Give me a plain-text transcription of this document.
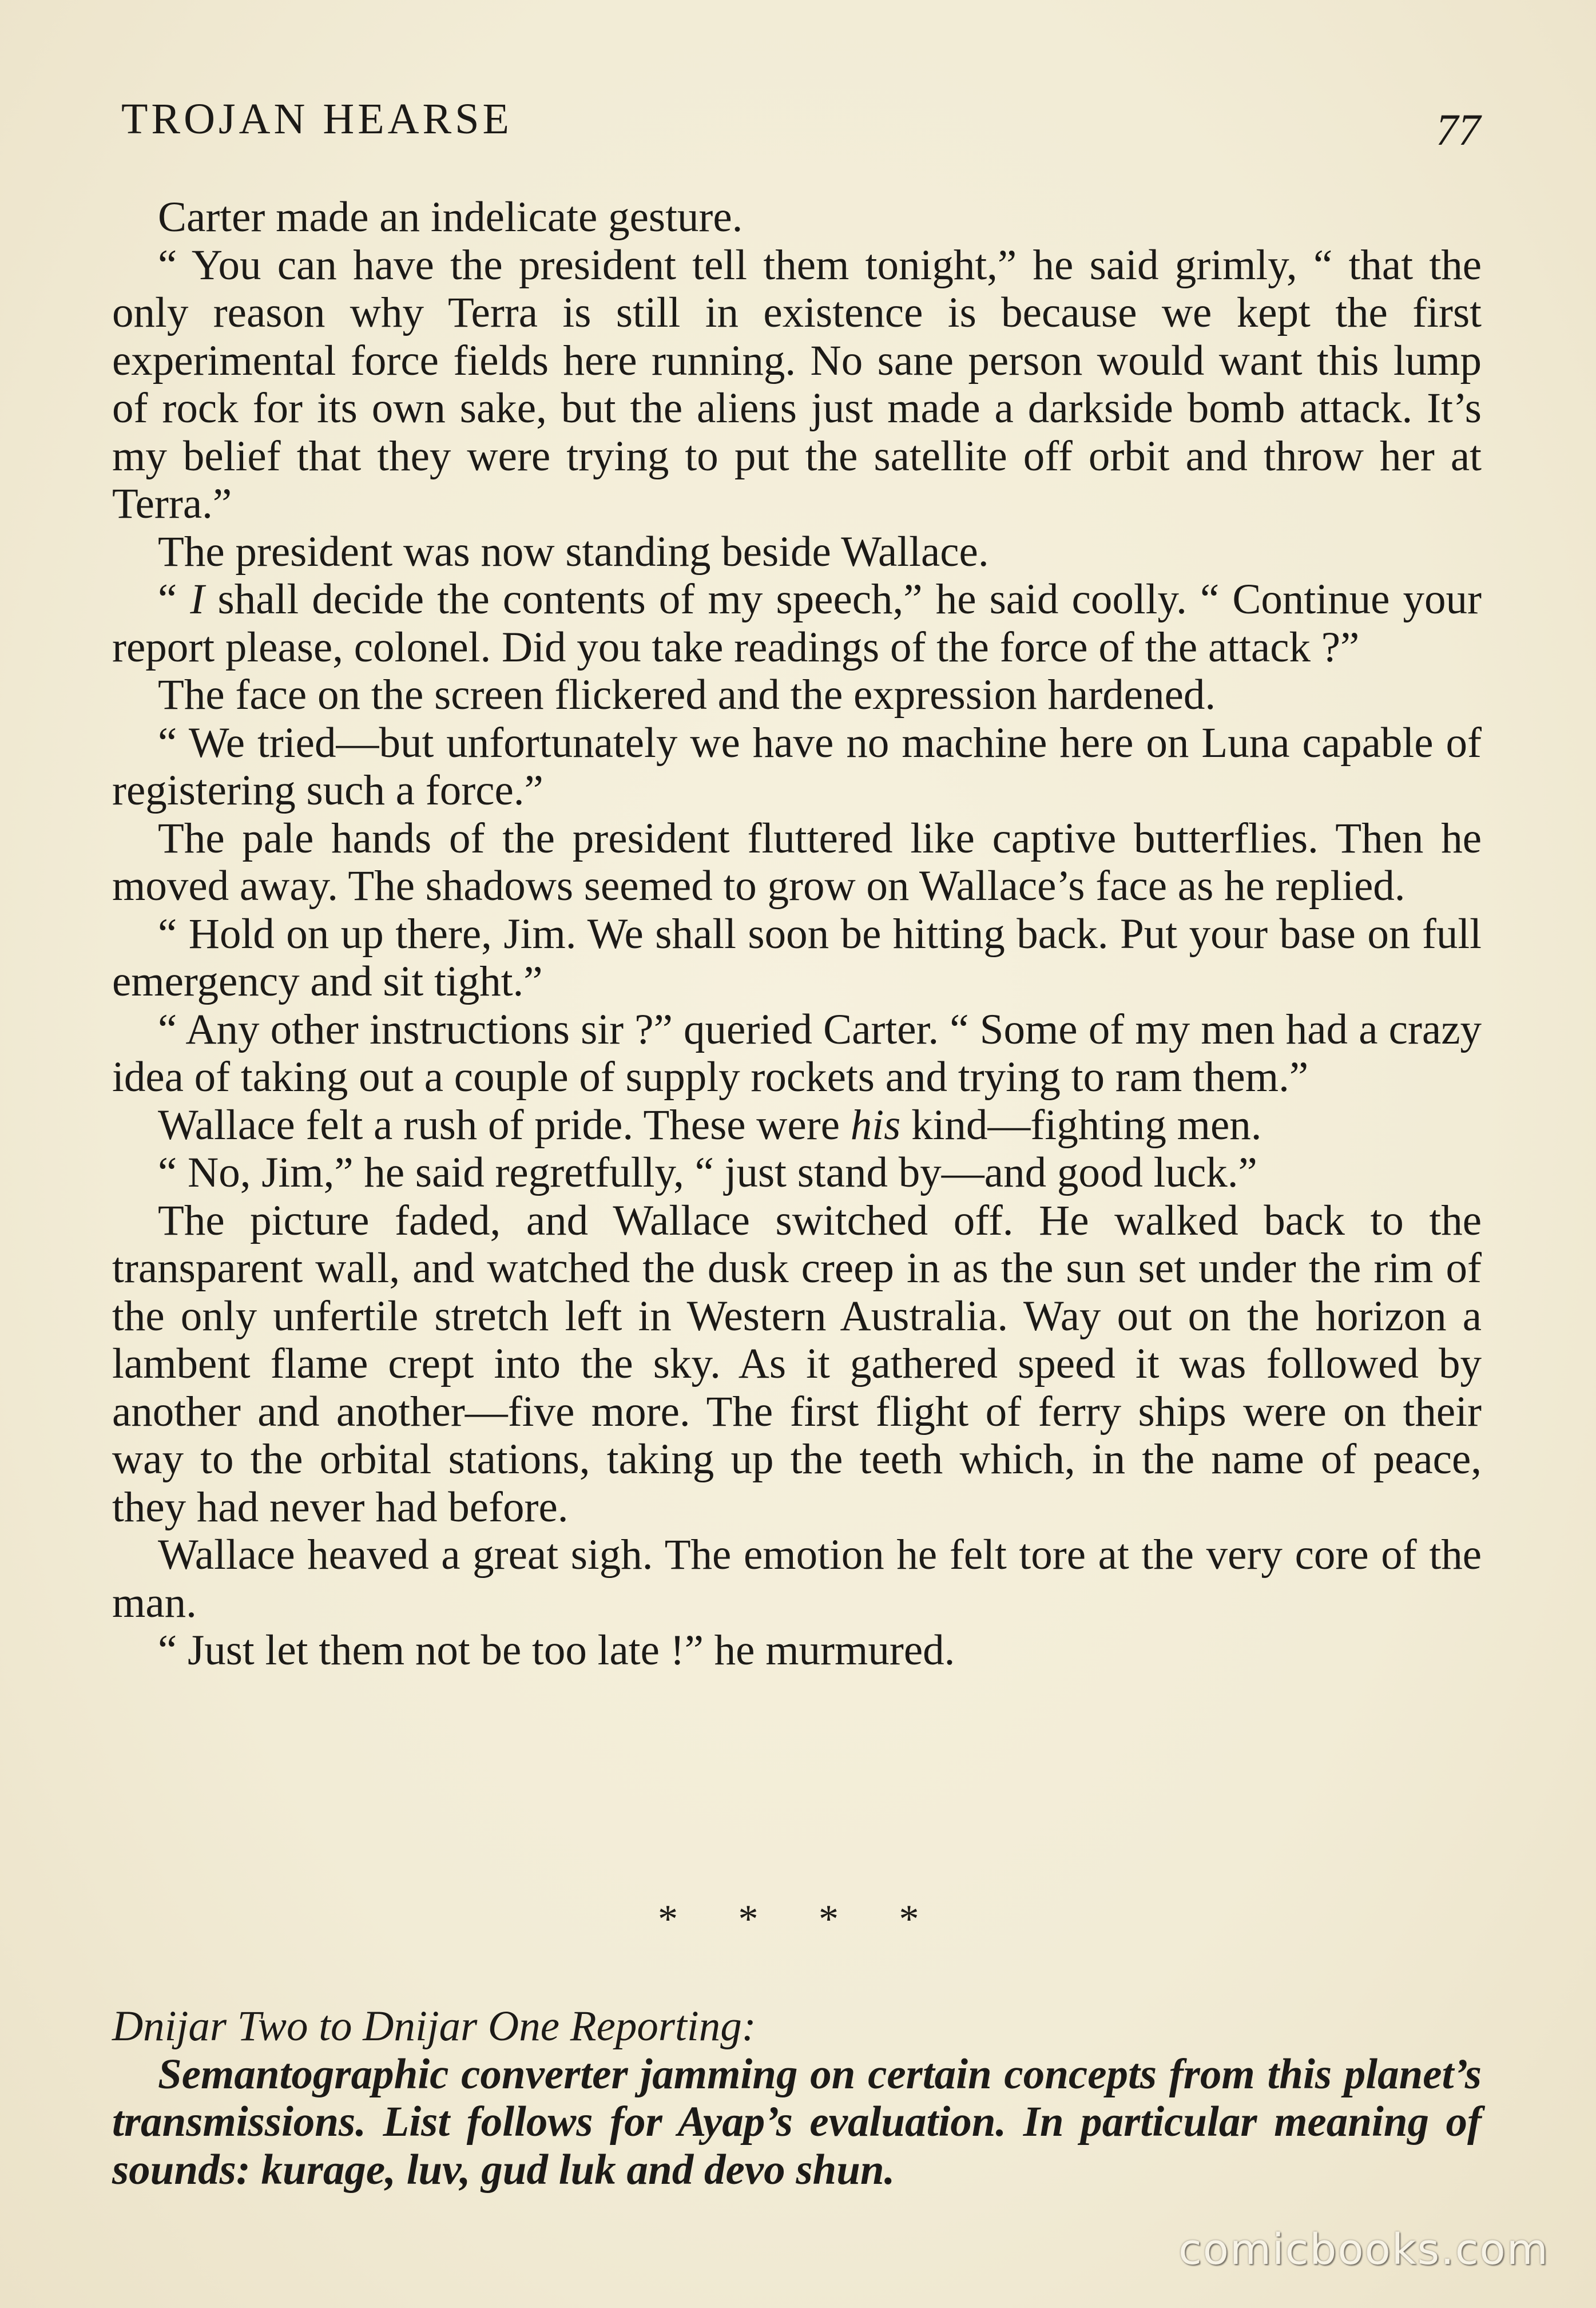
TROJAN HEARSE	77

Carter made an indelicate gesture.

“ You can have the president tell them tonight,” he said grimly, “ that the only reason why Terra is still in existence is because we kept the first experimental force fields here running. No sane person would want this lump of rock for its own sake, but the aliens just made a darkside bomb attack. It’s my belief that they were trying to put the satellite off orbit and throw her at Terra.”

The president was now standing beside Wallace.

“ I shall decide the contents of my speech,” he said coolly. “ Continue your report please, colonel. Did you take readings of the force of the attack ?”

The face on the screen flickered and the expression hardened.

“ We tried—but unfortunately we have no machine here on Luna capable of registering such a force.”

The pale hands of the president fluttered like captive butterflies. Then he moved away. The shadows seemed to grow on Wallace’s face as he replied.

“ Hold on up there, Jim. We shall soon be hitting back. Put your base on full emergency and sit tight.”

“ Any other instructions sir ?” queried Carter. “ Some of my men had a crazy idea of taking out a couple of supply rockets and trying to ram them.”

Wallace felt a rush of pride. These were his kind—fighting men.

“ No, Jim,” he said regretfully, “ just stand by—and good luck.”

The picture faded, and Wallace switched off. He walked back to the transparent wall, and watched the dusk creep in as the sun set under the rim of the only unfertile stretch left in Western Australia. Way out on the horizon a lambent flame crept into the sky. As it gathered speed it was followed by another and another—five more. The first flight of ferry ships were on their way to the orbital stations, taking up the teeth which, in the name of peace, they had never had before.

Wallace heaved a great sigh. The emotion he felt tore at the very core of the man.

“ Just let them not be too late !” he murmured.

* * * *

Dnijar Two to Dnijar One Reporting:

Semantographic converter jamming on certain concepts from this planet’s transmissions. List follows for Ayap’s evaluation. In particular meaning of sounds: kurage, luv, gud luk and devo shun.

comicbooks.com
